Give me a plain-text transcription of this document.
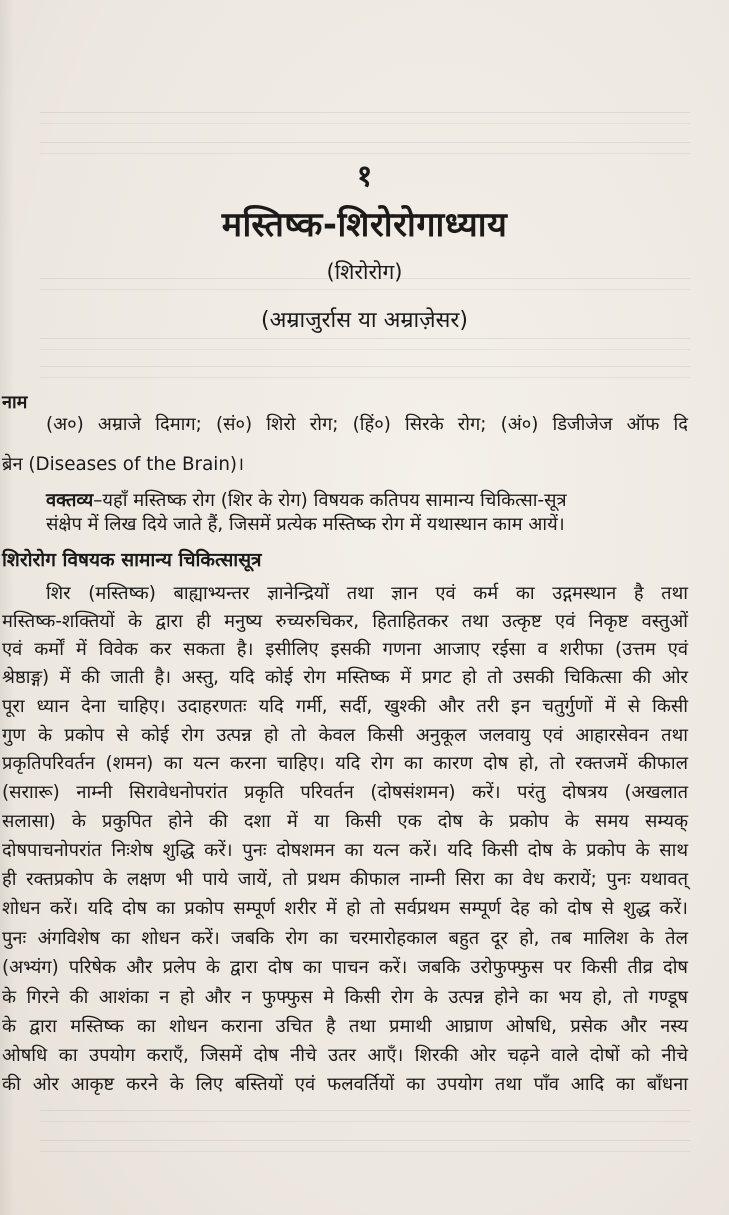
१
मस्तिष्क-शिरोरोगाध्याय
(शिरोरोग)
(अम्राजुर्रास या अम्राज़ेसर)
नाम
(अ०) अम्राजे दिमाग; (सं०) शिरो रोग; (हिं०) सिरके रोग; (अं०) डिजीजेज ऑफ दि
ब्रेन (Diseases of the Brain)।
वक्तव्य–यहाँ मस्तिष्क रोग (शिर के रोग) विषयक कतिपय सामान्य चिकित्सा-सूत्र
संक्षेप में लिख दिये जाते हैं, जिसमें प्रत्येक मस्तिष्क रोग में यथास्थान काम आयें।
शिरोरोग विषयक सामान्य चिकित्सासूत्र
शिर (मस्तिष्क) बाह्याभ्यन्तर ज्ञानेन्द्रियों तथा ज्ञान एवं कर्म का उद्गमस्थान है तथा
मस्तिष्क-शक्तियों के द्वारा ही मनुष्य रुच्यरुचिकर, हिताहितकर तथा उत्कृष्ट एवं निकृष्ट वस्तुओं
एवं कर्मों में विवेक कर सकता है। इसीलिए इसकी गणना आजाए रईसा व शरीफा (उत्तम एवं
श्रेष्ठाङ्ग) में की जाती है। अस्तु, यदि कोई रोग मस्तिष्क में प्रगट हो तो उसकी चिकित्सा की ओर
पूरा ध्यान देना चाहिए। उदाहरणतः यदि गर्मी, सर्दी, खुश्की और तरी इन चतुर्गुणों में से किसी
गुण के प्रकोप से कोई रोग उत्पन्न हो तो केवल किसी अनुकूल जलवायु एवं आहारसेवन तथा
प्रकृतिपरिवर्तन (शमन) का यत्न करना चाहिए। यदि रोग का कारण दोष हो, तो रक्तजमें कीफाल
(सराारू) नाम्नी सिरावेधनोपरांत प्रकृति परिवर्तन (दोषसंशमन) करें। परंतु दोषत्रय (अखलात
सलासा) के प्रकुपित होने की दशा में या किसी एक दोष के प्रकोप के समय सम्यक्
दोषपाचनोपरांत निःशेष शुद्धि करें। पुनः दोषशमन का यत्न करें। यदि किसी दोष के प्रकोप के साथ
ही रक्तप्रकोप के लक्षण भी पाये जायें, तो प्रथम कीफाल नाम्नी सिरा का वेध करायें; पुनः यथावत्
शोधन करें। यदि दोष का प्रकोप सम्पूर्ण शरीर में हो तो सर्वप्रथम सम्पूर्ण देह को दोष से शुद्ध करें।
पुनः अंगविशेष का शोधन करें। जबकि रोग का चरमारोहकाल बहुत दूर हो, तब मालिश के तेल
(अभ्यंग) परिषेक और प्रलेप के द्वारा दोष का पाचन करें। जबकि उरोफुफ्फुस पर किसी तीव्र दोष
के गिरने की आशंका न हो और न फुफ्फुस मे किसी रोग के उत्पन्न होने का भय हो, तो गण्डूष
के द्वारा मस्तिष्क का शोधन कराना उचित है तथा प्रमाथी आघ्राण ओषधि, प्रसेक और नस्य
ओषधि का उपयोग कराएँ, जिसमें दोष नीचे उतर आएँ। शिरकी ओर चढ़ने वाले दोषों को नीचे
की ओर आकृष्ट करने के लिए बस्तियों एवं फलवर्तियों का उपयोग तथा पाँव आदि का बाँधना
